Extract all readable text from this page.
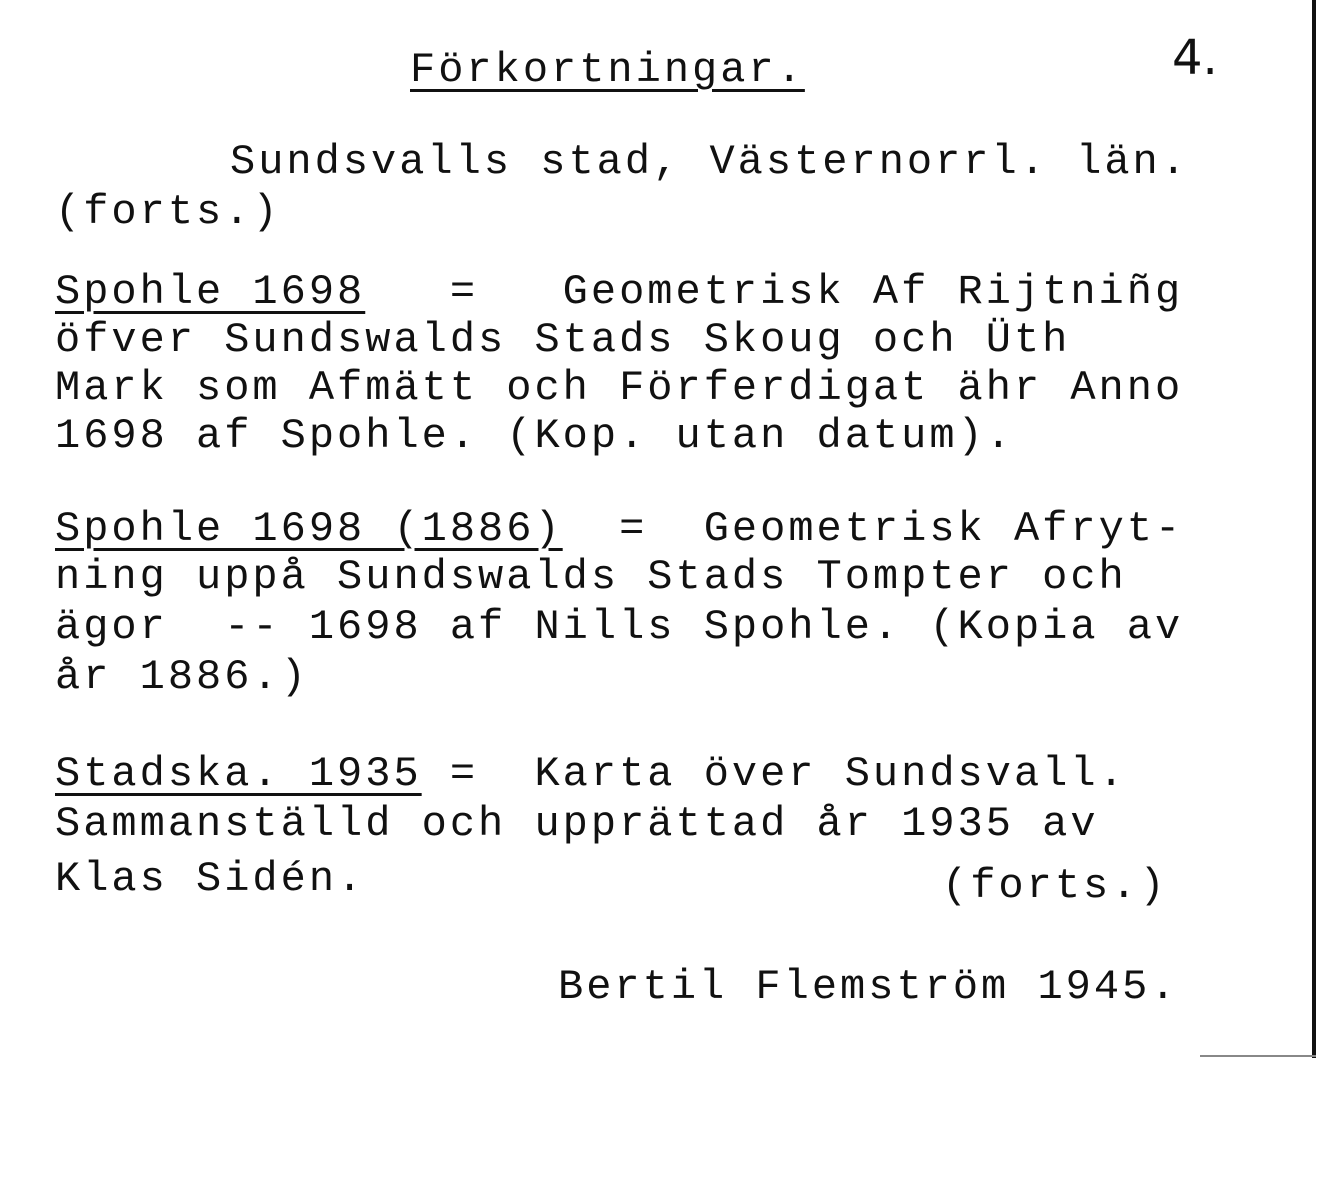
Förkortningar.	4.

Sundsvalls stad, Västernorrl. län.

(forts.)

Spohle 1698   =   Geometrisk Af Rijtniñg

öfver Sundswalds Stads Skoug och Üth

Mark som Afmätt och Förferdigat ähr Anno

1698 af Spohle. (Kop. utan datum).

Spohle 1698 (1886)  =  Geometrisk Afryt-

ning uppå Sundswalds Stads Tompter och

ägor  -- 1698 af Nills Spohle. (Kopia av

år 1886.)

Stadska. 1935 =  Karta över Sundsvall.

Sammanställd och upprättad år 1935 av

Klas Sidén.	(forts.)

Bertil Flemström 1945.
